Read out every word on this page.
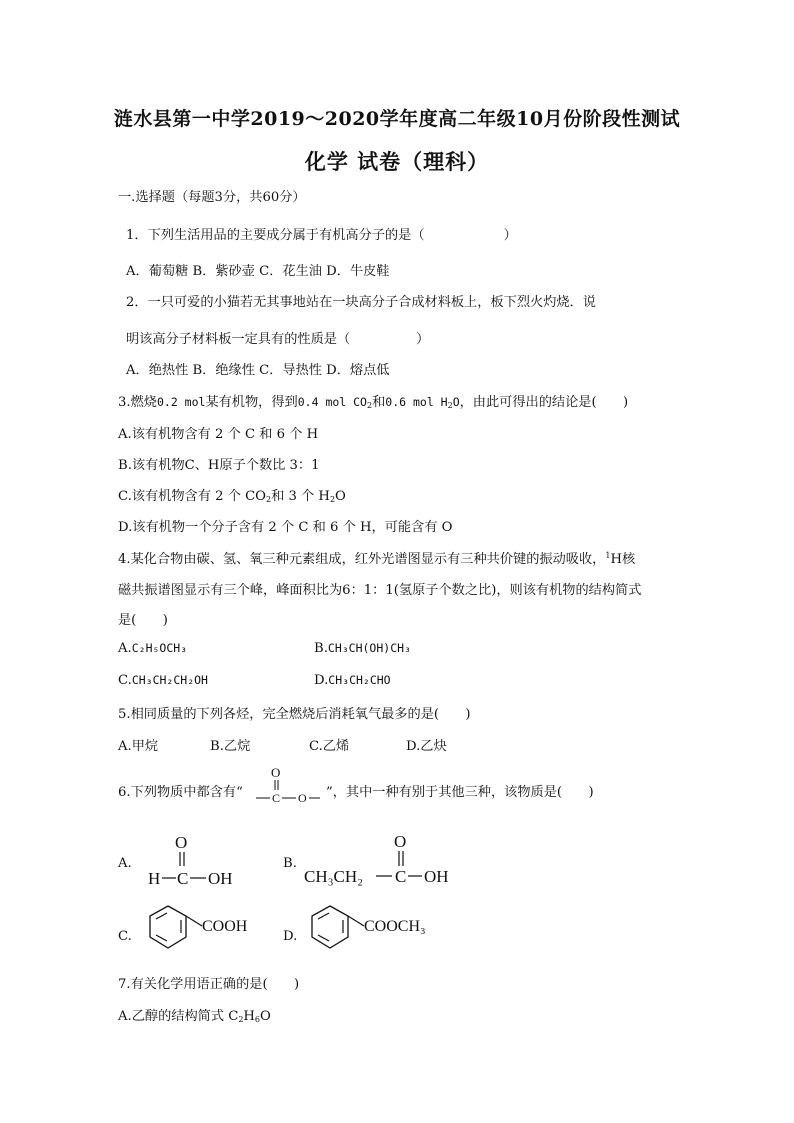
涟水县第一中学2019～2020学年度高二年级10月份阶段性测试
化学 试卷（理科）
一.选择题（每题3分，共60分）
1．下列生活用品的主要成分属于有机高分子的是（　　　　　　）
A．葡萄糖 B．紫砂壶 C．花生油 D．牛皮鞋
2．一只可爱的小猫若无其事地站在一块高分子合成材料板上，板下烈火灼烧．说
明该高分子材料板一定具有的性质是（　　　　　）
A．绝热性 B．绝缘性 C．导热性 D．熔点低
3.燃烧0.2 mol某有机物，得到0.4 mol $CO_2$和0.6 mol $H_2O$，由此可得出的结论是(　　)
A.该有机物含有 2 个 C 和 6 个 H
B.该有机物C、H原子个数比 3：1
C.该有机物含有 2 个 $CO_2$和 3 个 $H_2O$
D.该有机物一个分子含有 2 个 C 和 6 个 H，可能含有 O
4.某化合物由碳、氢、氧三种元素组成，红外光谱图显示有三种共价键的振动吸收，$^1$H核
磁共振谱图显示有三个峰，峰面积比为6：1：1(氢原子个数之比)，则该有机物的结构简式
是(　　)
A.C₂H₅OCH₃	B.CH₃CH(OH)CH₃
C.CH₃CH₂CH₂OH	D.CH₃CH₂CHO
5.相同质量的下列各烃，完全燃烧后消耗氧气最多的是(　　)
A.甲烷	B.乙烷	C.乙烯	D.乙炔
6.下列物质中都含有“
O
C O ”，其中一种有别于其他三种，该物质是(　　)
A.
O
H C OH
B.
O
CH₃CH₂ C OH
C.
COOH
D.
COOCH₃
7.有关化学用语正确的是(　　)
A.乙醇的结构简式 $C_2H_6O$
